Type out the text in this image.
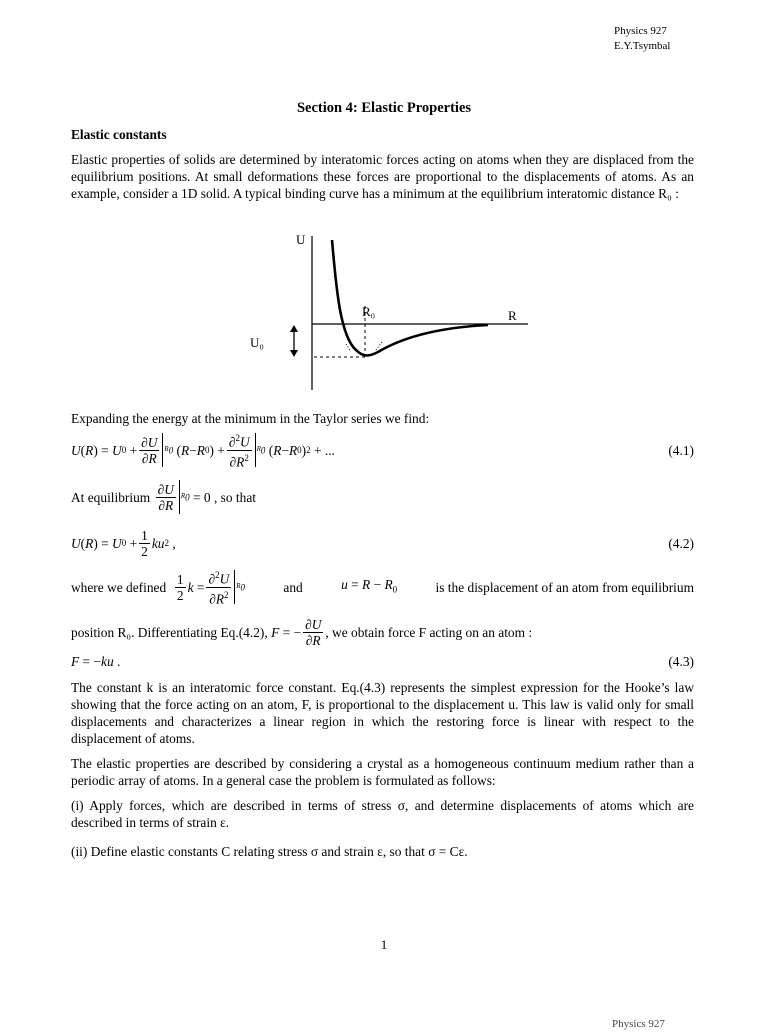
Physics 927
E.Y.Tsymbal
Section 4: Elastic Properties
Elastic constants
Elastic properties of solids are determined by interatomic forces acting on atoms when they are displaced from the equilibrium positions. At small deformations these forces are proportional to the displacements of atoms. As an example, consider a 1D solid. A typical binding curve has a minimum at the equilibrium interatomic distance R₀ :
U
R
R₀
U₀
Expanding the energy at the minimum in the Taylor series we find:
U ( R ) = U $0 + \frac{\partial U}{\partial R} R_0$ ( R − R 0 ) + $\frac{\partial^2U}{\partial R^2} R_0$ ( R − R 0 ) 2 + ...	(4.1)
At equilibrium
$\frac{\partial U}{\partial R} R_0$
= 0 , so that
U ( R ) = U $0 + \frac{1}{2}$ ku 2 ,	(4.2)
where we defined
$\frac{1}{2}$ $k = \frac{\partial^2U}{\partial R^2} R_0$	and	$u = R - R_0$	is the displacement of an atom from equilibrium
position R₀. Differentiating Eq.(4.2),
F = − $\frac{\partial U}{\partial R}$ , we obtain force F acting on an atom :
F = −ku .	(4.3)
The constant k is an interatomic force constant. Eq.(4.3) represents the simplest expression for the Hooke’s law showing that the force acting on an atom, F, is proportional to the displacement u. This law is valid only for small displacements and characterizes a linear region in which the restoring force is linear with respect to the displacement of atoms.
The elastic properties are described by considering a crystal as a homogeneous continuum medium rather than a periodic array of atoms. In a general case the problem is formulated as follows:
(i) Apply forces, which are described in terms of stress σ, and determine displacements of atoms which are described in terms of strain ε.
(ii) Define elastic constants C relating stress σ and strain ε, so that σ = Cε.
1
Physics 927
